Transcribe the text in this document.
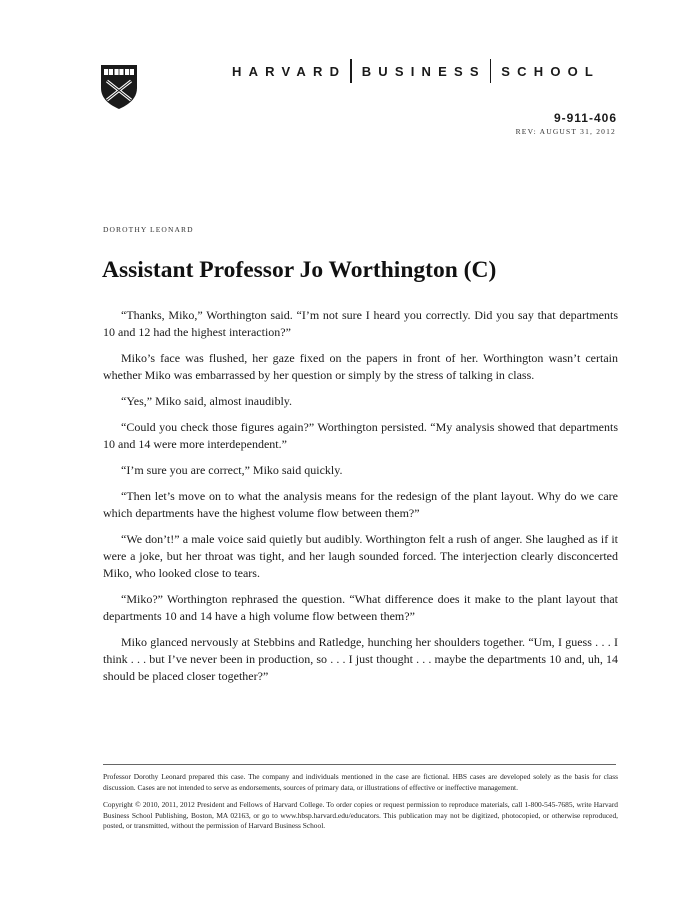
HARVARD BUSINESS SCHOOL
9-911-406
REV: AUGUST 31, 2012
DOROTHY LEONARD
Assistant Professor Jo Worthington (C)

“Thanks, Miko,” Worthington said. “I’m not sure I heard you correctly. Did you say that departments 10 and 12 had the highest interaction?”

Miko’s face was flushed, her gaze fixed on the papers in front of her. Worthington wasn’t certain whether Miko was embarrassed by her question or simply by the stress of talking in class.

“Yes,” Miko said, almost inaudibly.

“Could you check those figures again?” Worthington persisted. “My analysis showed that departments 10 and 14 were more interdependent.”

“I’m sure you are correct,” Miko said quickly.

“Then let’s move on to what the analysis means for the redesign of the plant layout. Why do we care which departments have the highest volume flow between them?”

“We don’t!” a male voice said quietly but audibly. Worthington felt a rush of anger. She laughed as if it were a joke, but her throat was tight, and her laugh sounded forced. The interjection clearly disconcerted Miko, who looked close to tears.

“Miko?” Worthington rephrased the question. “What difference does it make to the plant layout that departments 10 and 14 have a high volume flow between them?”

Miko glanced nervously at Stebbins and Ratledge, hunching her shoulders together. “Um, I guess . . . I think . . . but I’ve never been in production, so . . . I just thought . . . maybe the departments 10 and, uh, 14 should be placed closer together?”

Professor Dorothy Leonard prepared this case. The company and individuals mentioned in the case are fictional. HBS cases are developed solely as the basis for class discussion. Cases are not intended to serve as endorsements, sources of primary data, or illustrations of effective or ineffective management.

Copyright © 2010, 2011, 2012 President and Fellows of Harvard College. To order copies or request permission to reproduce materials, call 1-800-545-7685, write Harvard Business School Publishing, Boston, MA 02163, or go to www.hbsp.harvard.edu/educators. This publication may not be digitized, photocopied, or otherwise reproduced, posted, or transmitted, without the permission of Harvard Business School.
